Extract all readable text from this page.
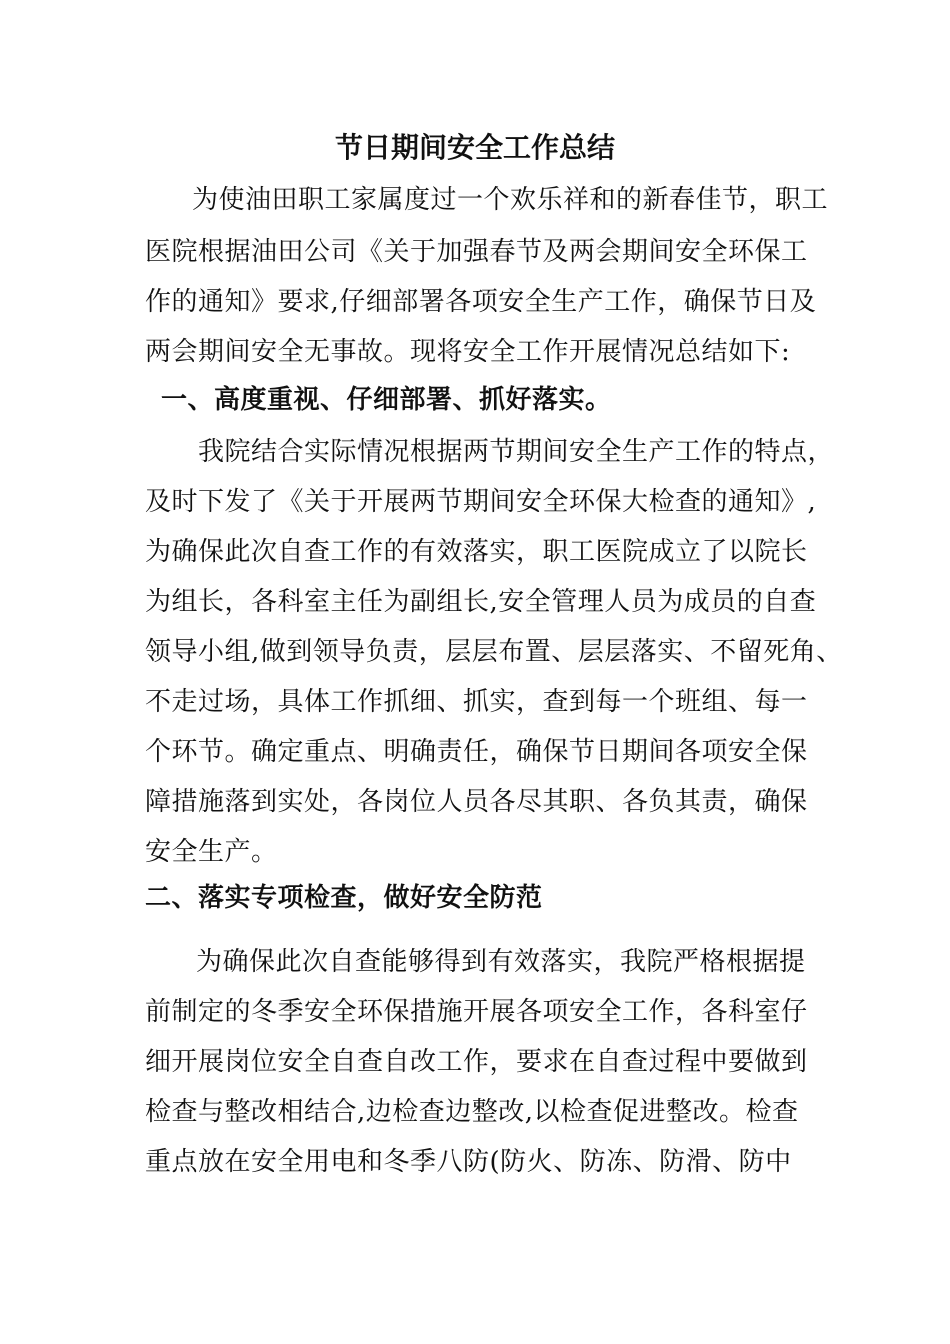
节日期间安全工作总结
为使油田职工家属度过一个欢乐祥和的新春佳节，职工
医院根据油田公司《关于加强春节及两会期间安全环保工
作的通知》要求,仔细部署各项安全生产工作，确保节日及
两会期间安全无事故。现将安全工作开展情况总结如下:
一、高度重视、仔细部署、抓好落实。
我院结合实际情况根据两节期间安全生产工作的特点，
及时下发了《关于开展两节期间安全环保大检查的通知》,
为确保此次自查工作的有效落实，职工医院成立了以院长
为组长，各科室主任为副组长,安全管理人员为成员的自查
领导小组,做到领导负责，层层布置、层层落实、不留死角、
不走过场，具体工作抓细、抓实，查到每一个班组、每一
个环节。确定重点、明确责任，确保节日期间各项安全保
障措施落到实处，各岗位人员各尽其职、各负其责，确保
安全生产。
二、落实专项检查，做好安全防范
为确保此次自查能够得到有效落实，我院严格根据提
前制定的冬季安全环保措施开展各项安全工作，各科室仔
细开展岗位安全自查自改工作，要求在自查过程中要做到
检查与整改相结合,边检查边整改,以检查促进整改。检查
重点放在安全用电和冬季八防(防火、防冻、防滑、防中
